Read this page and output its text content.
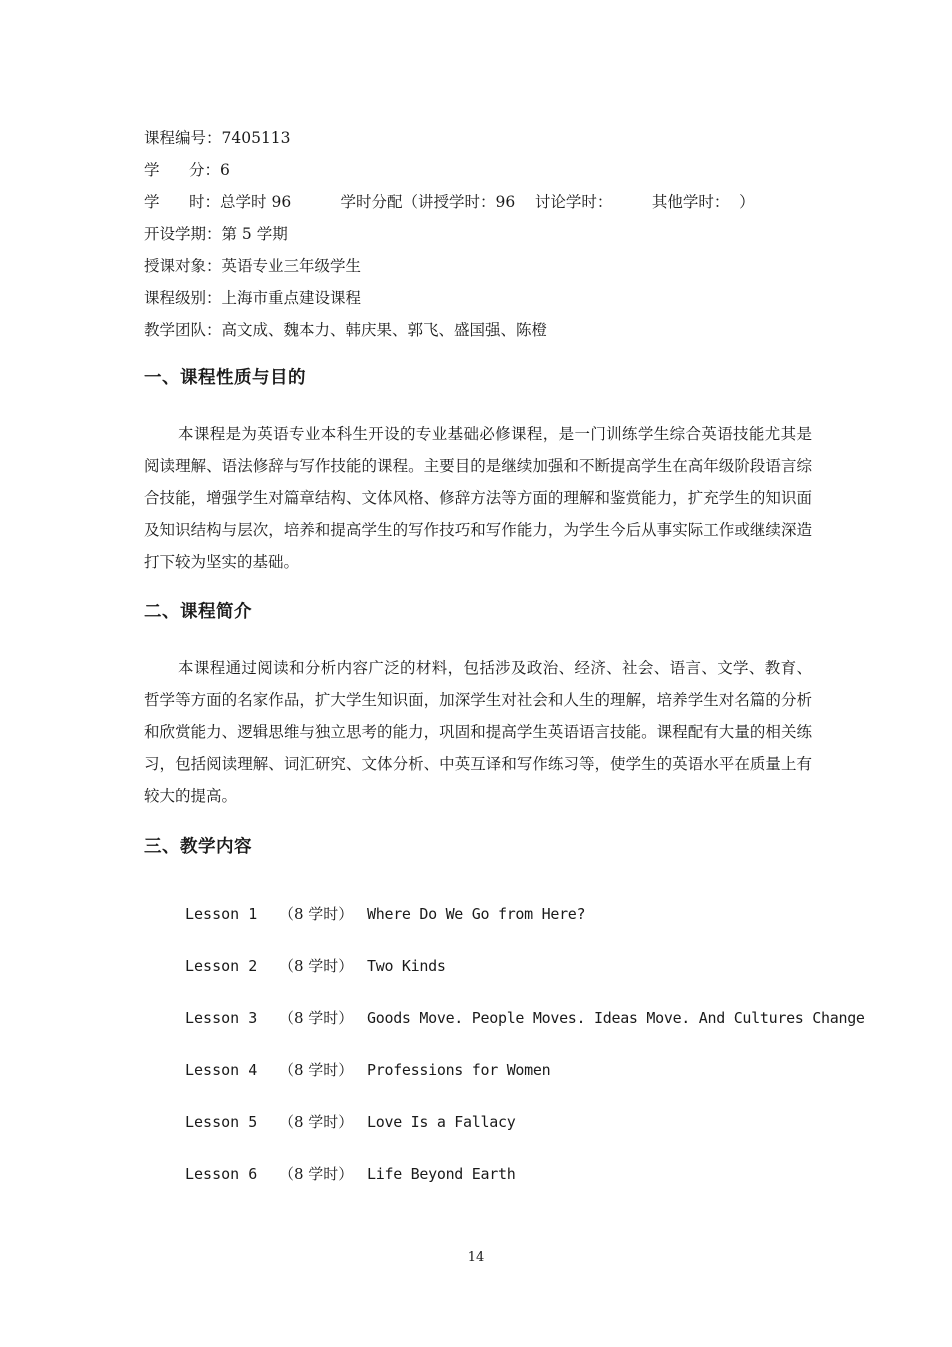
课程编号：7405113
学      分：6
学      时：总学时 96          学时分配（讲授学时：96    讨论学时：        其他学时：  ）
开设学期：第 5 学期
授课对象：英语专业三年级学生
课程级别：上海市重点建设课程
教学团队：高文成、魏本力、韩庆果、郭飞、盛国强、陈橙
一、课程性质与目的

本课程是为英语专业本科生开设的专业基础必修课程，是一门训练学生综合英语技能尤其是阅读理解、语法修辞与写作技能的课程。主要目的是继续加强和不断提高学生在高年级阶段语言综合技能，增强学生对篇章结构、文体风格、修辞方法等方面的理解和鉴赏能力，扩充学生的知识面及知识结构与层次，培养和提高学生的写作技巧和写作能力，为学生今后从事实际工作或继续深造打下较为坚实的基础。

二、课程简介

本课程通过阅读和分析内容广泛的材料，包括涉及政治、经济、社会、语言、文学、教育、哲学等方面的名家作品，扩大学生知识面，加深学生对社会和人生的理解，培养学生对名篇的分析和欣赏能力、逻辑思维与独立思考的能力，巩固和提高学生英语语言技能。课程配有大量的相关练习，包括阅读理解、词汇研究、文体分析、中英互译和写作练习等，使学生的英语水平在质量上有较大的提高。

三、教学内容
Lesson 1	（8 学时） Where Do We Go from Here?
Lesson 2	（8 学时） Two Kinds
Lesson 3	（8 学时） Goods Move. People Moves. Ideas Move. And Cultures Change
Lesson 4	（8 学时） Professions for Women
Lesson 5	（8 学时） Love Is a Fallacy
Lesson 6	（8 学时） Life Beyond Earth
14
